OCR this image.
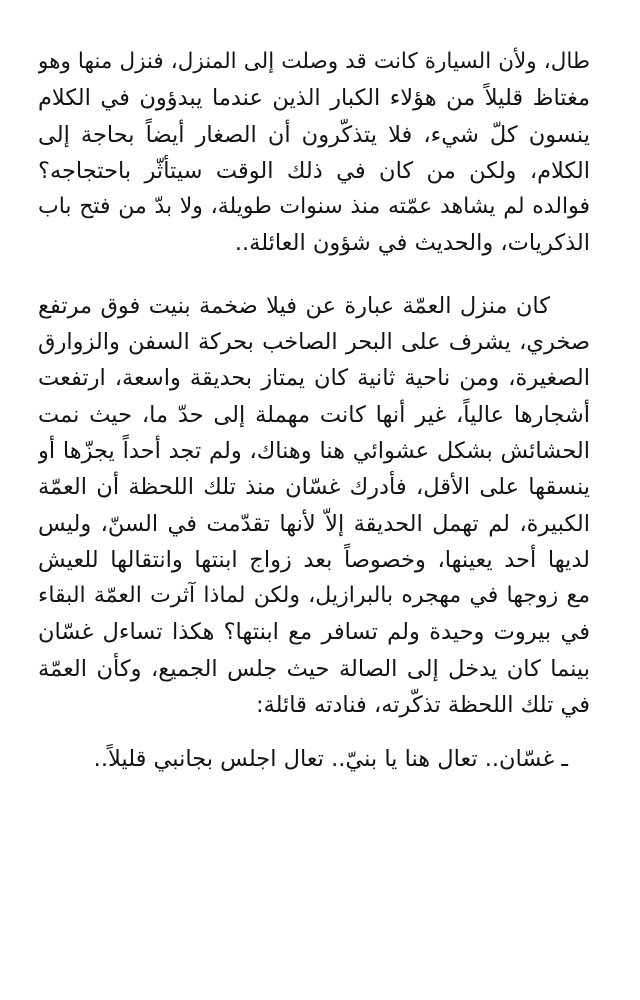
طال، ولأن السيارة كانت قد وصلت إلى المنزل، فنزل منها وهو
مغتاظ قليلاً من هؤلاء الكبار الذين عندما يبدؤون في الكلام
ينسون كلّ شيء، فلا يتذكّرون أن الصغار أيضاً بحاجة إلى
الكلام، ولكن من كان في ذلك الوقت سيتأثّر باحتجاجه؟
فوالده لم يشاهد عمّته منذ سنوات طويلة، ولا بدّ من فتح باب
الذكريات، والحديث في شؤون العائلة..
كان منزل العمّة عبارة عن فيلا ضخمة بنيت فوق مرتفع
صخري، يشرف على البحر الصاخب بحركة السفن والزوارق
الصغيرة، ومن ناحية ثانية كان يمتاز بحديقة واسعة، ارتفعت
أشجارها عالياً، غير أنها كانت مهملة إلى حدّ ما، حيث نمت
الحشائش بشكل عشوائي هنا وهناك، ولم تجد أحداً يجزّها أو
ينسقها على الأقل، فأدرك غسّان منذ تلك اللحظة أن العمّة
الكبيرة، لم تهمل الحديقة إلاّ لأنها تقدّمت في السنّ، وليس
لديها أحد يعينها، وخصوصاً بعد زواج ابنتها وانتقالها للعيش
مع زوجها في مهجره بالبرازيل، ولكن لماذا آثرت العمّة البقاء
في بيروت وحيدة ولم تسافر مع ابنتها؟ هكذا تساءل غسّان
بينما كان يدخل إلى الصالة حيث جلس الجميع، وكأن العمّة
في تلك اللحظة تذكّرته، فنادته قائلة:
ـ غسّان.. تعال هنا يا بنيّ.. تعال اجلس بجانبي قليلاً..
